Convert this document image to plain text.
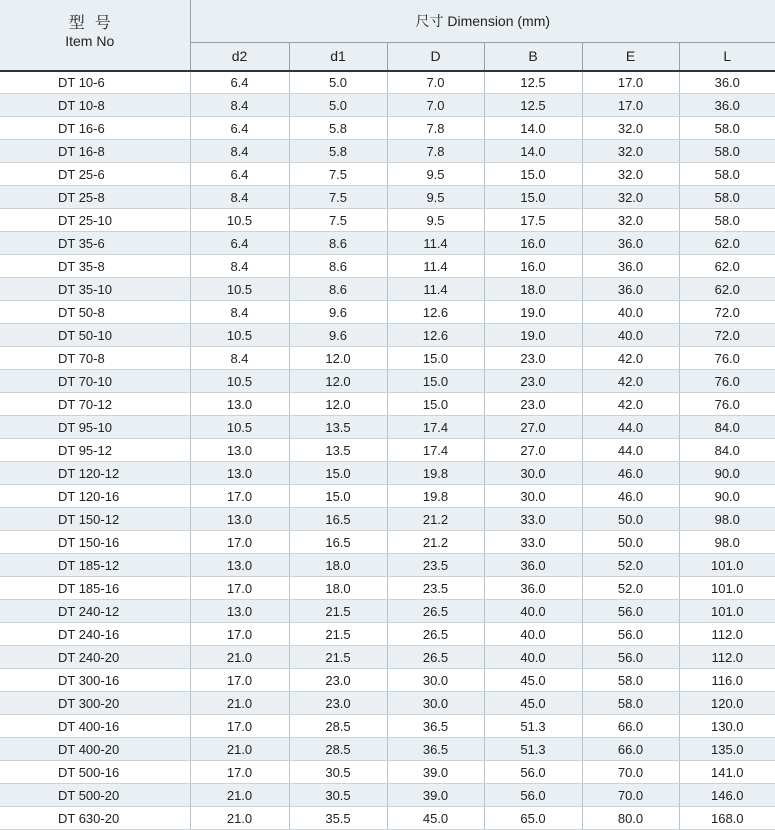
型号
Item No	尺寸 Dimension (mm)					
	d2	d1	D	B	E	L
DT 10-6	6.4	5.0	7.0	12.5	17.0	36.0
DT 10-8	8.4	5.0	7.0	12.5	17.0	36.0
DT 16-6	6.4	5.8	7.8	14.0	32.0	58.0
DT 16-8	8.4	5.8	7.8	14.0	32.0	58.0
DT 25-6	6.4	7.5	9.5	15.0	32.0	58.0
DT 25-8	8.4	7.5	9.5	15.0	32.0	58.0
DT 25-10	10.5	7.5	9.5	17.5	32.0	58.0
DT 35-6	6.4	8.6	11.4	16.0	36.0	62.0
DT 35-8	8.4	8.6	11.4	16.0	36.0	62.0
DT 35-10	10.5	8.6	11.4	18.0	36.0	62.0
DT 50-8	8.4	9.6	12.6	19.0	40.0	72.0
DT 50-10	10.5	9.6	12.6	19.0	40.0	72.0
DT 70-8	8.4	12.0	15.0	23.0	42.0	76.0
DT 70-10	10.5	12.0	15.0	23.0	42.0	76.0
DT 70-12	13.0	12.0	15.0	23.0	42.0	76.0
DT 95-10	10.5	13.5	17.4	27.0	44.0	84.0
DT 95-12	13.0	13.5	17.4	27.0	44.0	84.0
DT 120-12	13.0	15.0	19.8	30.0	46.0	90.0
DT 120-16	17.0	15.0	19.8	30.0	46.0	90.0
DT 150-12	13.0	16.5	21.2	33.0	50.0	98.0
DT 150-16	17.0	16.5	21.2	33.0	50.0	98.0
DT 185-12	13.0	18.0	23.5	36.0	52.0	101.0
DT 185-16	17.0	18.0	23.5	36.0	52.0	101.0
DT 240-12	13.0	21.5	26.5	40.0	56.0	101.0
DT 240-16	17.0	21.5	26.5	40.0	56.0	112.0
DT 240-20	21.0	21.5	26.5	40.0	56.0	112.0
DT 300-16	17.0	23.0	30.0	45.0	58.0	116.0
DT 300-20	21.0	23.0	30.0	45.0	58.0	120.0
DT 400-16	17.0	28.5	36.5	51.3	66.0	130.0
DT 400-20	21.0	28.5	36.5	51.3	66.0	135.0
DT 500-16	17.0	30.5	39.0	56.0	70.0	141.0
DT 500-20	21.0	30.5	39.0	56.0	70.0	146.0
DT 630-20	21.0	35.5	45.0	65.0	80.0	168.0
